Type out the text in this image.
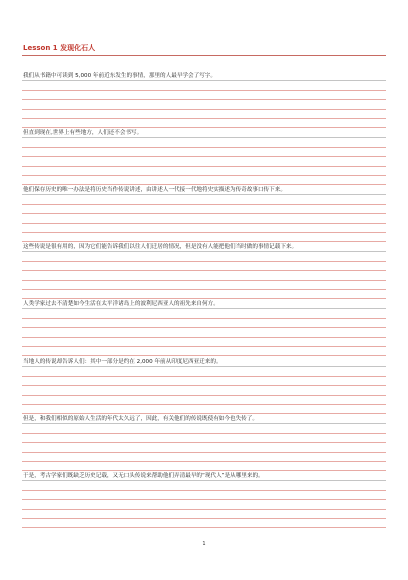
Lesson 1 发现化石人
我们从书籍中可读到 5,000 年前近东发生的事情，那里的人最早学会了写字。
但直到现在,世界上有些地方，人们还不会书写。
他们保存历史的唯一办法是将历史当作传说讲述，由讲述人一代接一代地将史实描述为传奇故事口传下来。
这些传说是很有用的，因为它们能告诉我们以往人们迁居的情况，但是没有人能把他们当时做的事情记载下来。
人类学家过去不清楚如今生活在太平洋诸岛上的波利尼西亚人的祖先来自何方。
当地人的传说却告诉人们：其中一部分是约在 2,000 年前从印度尼西亚迁来的。
但是，和我们相似的原始人生活的年代太久远了，因此，有关他们的传说既使有如今也失传了。
于是，考古学家们既缺乏历史记载，又无口头传说来帮助他们弄清最早的“现代人”是从哪里来的。
1
